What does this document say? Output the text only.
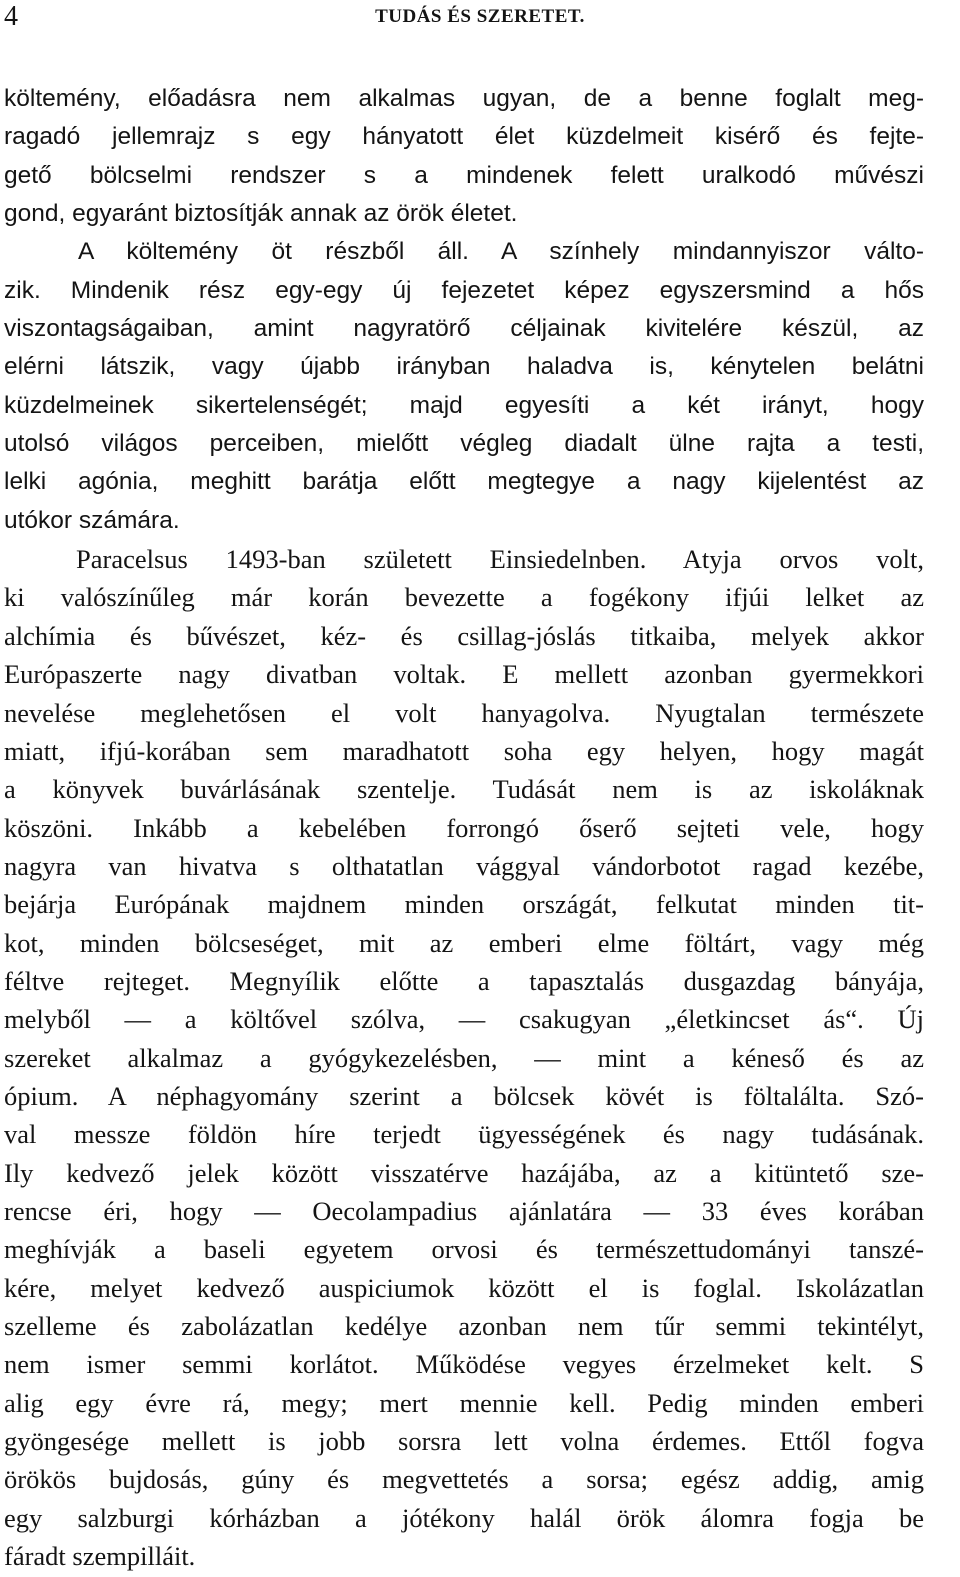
4	TUDÁS ÉS SZERETET.
költemény, előadásra nem alkalmas ugyan, de a benne foglalt meg-
ragadó jellemrajz s egy hányatott élet küzdelmeit kisérő és fejte-
gető bölcselmi rendszer s a mindenek felett uralkodó művészi
gond, egyaránt biztosítják annak az örök életet.
A költemény öt részből áll. A színhely mindannyiszor válto-
zik. Mindenik rész egy-egy új fejezetet képez egyszersmind a hős
viszontagságaiban, amint nagyratörő céljainak kivitelére készül, az
elérni látszik, vagy újabb irányban haladva is, kénytelen belátni
küzdelmeinek sikertelenségét; majd egyesíti a két irányt, hogy
utolsó világos perceiben, mielőtt végleg diadalt ülne rajta a testi,
lelki agónia, meghitt barátja előtt megtegye a nagy kijelentést az
utókor számára.
Paracelsus 1493-ban született Einsiedelnben. Atyja orvos volt,
ki valószínűleg már korán bevezette a fogékony ifjúi lelket az
alchímia és bűvészet, kéz- és csillag-jóslás titkaiba, melyek akkor
Európaszerte nagy divatban voltak. E mellett azonban gyermekkori
nevelése meglehetősen el volt hanyagolva. Nyugtalan természete
miatt, ifjú-korában sem maradhatott soha egy helyen, hogy magát
a könyvek buvárlásának szentelje. Tudását nem is az iskoláknak
köszöni. Inkább a kebelében forrongó őserő sejteti vele, hogy
nagyra van hivatva s olthatatlan vággyal vándorbotot ragad kezébe,
bejárja Európának majdnem minden országát, felkutat minden tit-
kot, minden bölcseséget, mit az emberi elme föltárt, vagy még
féltve rejteget. Megnyílik előtte a tapasztalás dusgazdag bányája,
melyből — a költővel szólva, — csakugyan „életkincset ás“. Új
szereket alkalmaz a gyógykezelésben, — mint a kéneső és az
ópium. A néphagyomány szerint a bölcsek kövét is föltalálta. Szó-
val messze földön híre terjedt ügyességének és nagy tudásának.
Ily kedvező jelek között visszatérve hazájába, az a kitüntető sze-
rencse éri, hogy — Oecolampadius ajánlatára — 33 éves korában
meghívják a baseli egyetem orvosi és természettudományi tanszé-
kére, melyet kedvező auspiciumok között el is foglal. Iskolázatlan
szelleme és zabolázatlan kedélye azonban nem tűr semmi tekintélyt,
nem ismer semmi korlátot. Működése vegyes érzelmeket kelt. S
alig egy évre rá, megy; mert mennie kell. Pedig minden emberi
gyöngesége mellett is jobb sorsra lett volna érdemes. Ettől fogva
örökös bujdosás, gúny és megvettetés a sorsa; egész addig, amig
egy salzburgi kórházban a jótékony halál örök álomra fogja be
fáradt szempilláit.
